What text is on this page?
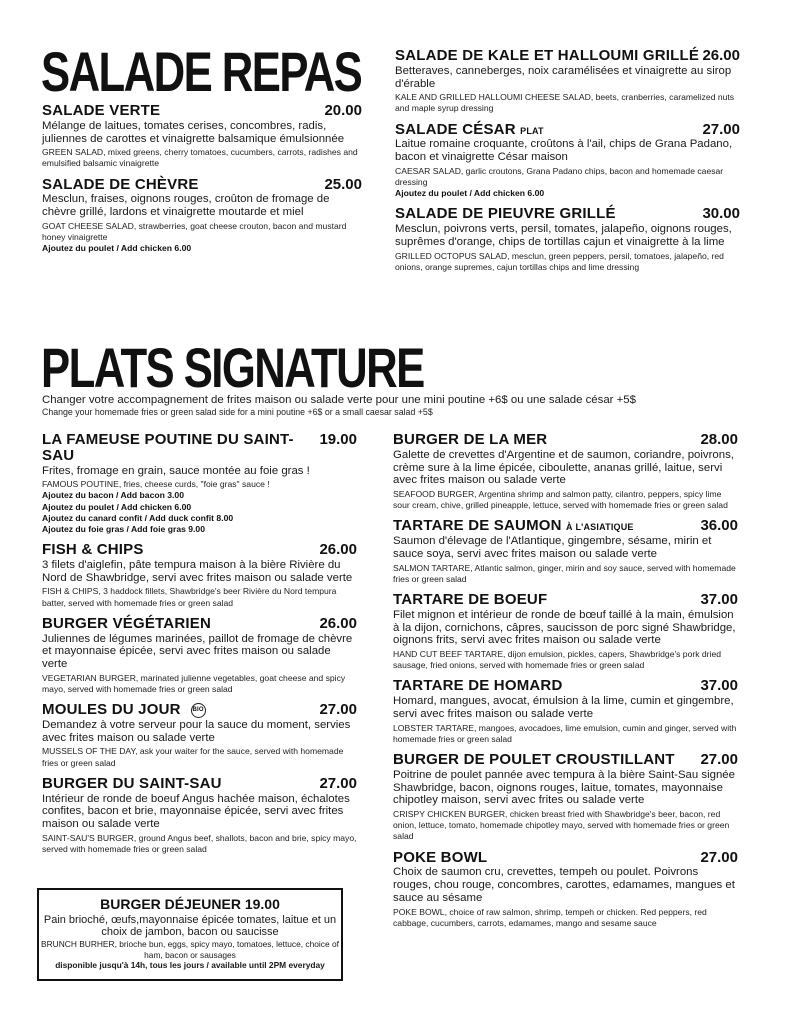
SALADE REPAS
PLATS SIGNATURE
SALADE VERTE	20.00
Mélange de laitues, tomates cerises, concombres, radis, juliennes de carottes et vinaigrette balsamique émulsionnée
GREEN SALAD, mixed greens, cherry tomatoes, cucumbers, carrots, radishes and emulsified balsamic vinaigrette
SALADE DE CHÈVRE	25.00
Mesclun, fraises, oignons rouges, croûton de fromage de chèvre grillé, lardons et vinaigrette moutarde et miel
GOAT CHEESE SALAD, strawberries, goat cheese crouton, bacon and mustard honey vinaigrette
Ajoutez du poulet / Add chicken 6.00
SALADE DE KALE ET HALLOUMI GRILLÉ 26.00
Betteraves, canneberges, noix caramélisées et vinaigrette au sirop d'érable
KALE AND GRILLED HALLOUMI CHEESE SALAD, beets, cranberries, caramelized nuts and maple syrup dressing
SALADE CÉSAR PLAT	27.00
Laitue romaine croquante, croûtons à l'ail, chips de Grana Padano, bacon et vinaigrette César maison
CAESAR SALAD, garlic croutons, Grana Padano chips, bacon and homemade caesar dressing
Ajoutez du poulet / Add chicken 6.00
SALADE DE PIEUVRE GRILLÉ	30.00
Mesclun, poivrons verts, persil, tomates, jalapeño, oignons rouges, suprêmes d'orange, chips de tortillas cajun et vinaigrette à la lime
GRILLED OCTOPUS SALAD, mesclun, green peppers, persil, tomatoes, jalapeño, red onions, orange supremes, cajun tortillas chips and lime dressing
Changer votre accompagnement de frites maison ou salade verte pour une mini poutine +6$ ou une salade césar +5$
Change your homemade fries or green salad side for a mini poutine +6$ or a small caesar salad +5$
LA FAMEUSE POUTINE DU SAINT-SAU
19.00
Frites, fromage en grain, sauce montée au foie gras !
FAMOUS POUTINE, fries, cheese curds, "foie gras" sauce !
Ajoutez du bacon / Add bacon 3.00
Ajoutez du poulet / Add chicken 6.00
Ajoutez du canard confit / Add duck confit 8.00
Ajoutez du foie gras / Add foie gras 9.00
FISH & CHIPS	26.00
3 filets d'aiglefin, pâte tempura maison à la bière Rivière du Nord de Shawbridge, servi avec frites maison ou salade verte
FISH & CHIPS, 3 haddock fillets, Shawbridge's beer Rivière du Nord tempura batter, served with homemade fries or green salad
BURGER VÉGÉTARIEN	26.00
Juliennes de légumes marinées, paillot de fromage de chèvre et mayonnaise épicée, servi avec frites maison ou salade verte
VEGETARIAN BURGER, marinated julienne vegetables, goat cheese and spicy mayo, served with homemade fries or green salad
MOULES DU JOUR BIO	27.00
Demandez à votre serveur pour la sauce du moment, servies avec frites maison ou salade verte
MUSSELS OF THE DAY, ask your waiter for the sauce, served with homemade fries or green salad
BURGER DU SAINT-SAU	27.00
Intérieur de ronde de boeuf Angus hachée maison, échalotes confites, bacon et brie, mayonnaise épicée, servi avec frites maison ou salade verte
SAINT-SAU'S BURGER, ground Angus beef, shallots, bacon and brie, spicy mayo, served with homemade fries or green salad
BURGER DE LA MER	28.00
Galette de crevettes d'Argentine et de saumon, coriandre, poivrons, crème sure à la lime épicée, ciboulette, ananas grillé, laitue, servi avec frites maison ou salade verte
SEAFOOD BURGER, Argentina shrimp and salmon patty, cilantro, peppers, spicy lime sour cream, chive, grilled pineapple, lettuce, served with homemade fries or green salad
TARTARE DE SAUMON À L'ASIATIQUE	36.00
Saumon d'élevage de l'Atlantique, gingembre, sésame, mirin et sauce soya, servi avec frites maison ou salade verte
SALMON TARTARE, Atlantic salmon, ginger, mirin and soy sauce, served with homemade fries or green salad
TARTARE DE BOEUF	37.00
Filet mignon et intérieur de ronde de bœuf taillé à la main, émulsion à la dijon, cornichons, câpres, saucisson de porc signé Shawbridge, oignons frits, servi avec frites maison ou salade verte
HAND CUT BEEF TARTARE, dijon emulsion, pickles, capers, Shawbridge's pork dried sausage, fried onions, served with homemade fries or green salad
TARTARE DE HOMARD	37.00
Homard, mangues, avocat, émulsion à la lime, cumin et gingembre, servi avec frites maison ou salade verte
LOBSTER TARTARE, mangoes, avocadoes, lime emulsion, cumin and ginger, served with homemade fries or green salad
BURGER DE POULET CROUSTILLANT 27.00
Poitrine de poulet pannée avec tempura à la bière Saint-Sau signée Shawbridge, bacon, oignons rouges, laitue, tomates, mayonnaise chipotley maison, servi avec frites ou salade verte
CRISPY CHICKEN BURGER, chicken breast fried with Shawbridge's beer, bacon, red onion, lettuce, tomato, homemade chipotley mayo, served with homemade fries or green salad
POKE BOWL	27.00
Choix de saumon cru, crevettes, tempeh ou poulet. Poivrons rouges, chou rouge, concombres, carottes, edamames, mangues et sauce au sésame
POKE BOWL, choice of raw salmon, shrimp, tempeh or chicken. Red peppers, red cabbage, cucumbers, carrots, edamames, mango and sesame sauce
BURGER DÉJEUNER 19.00
Pain brioché, œufs,mayonnaise épicée tomates, laitue et un choix de jambon, bacon ou saucisse
BRUNCH BURHER, brioche bun, eggs, spicy mayo, tomatoes, lettuce, choice of ham, bacon or sausages
disponible jusqu'à 14h, tous les jours / available until 2PM everyday
